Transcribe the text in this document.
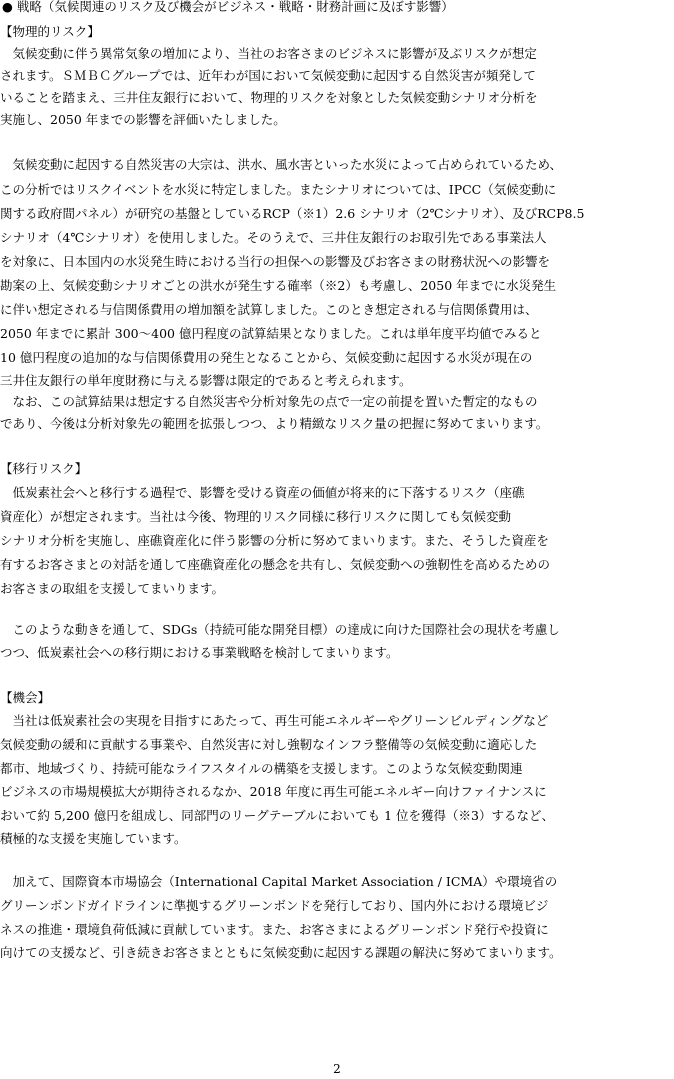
● 戦略（気候関連のリスク及び機会がビジネス・戦略・財務計画に及ぼす影響）
【物理的リスク】
　気候変動に伴う異常気象の増加により、当社のお客さまのビジネスに影響が及ぶリスクが想定
されます。ＳＭＢＣグループでは、近年わが国において気候変動に起因する自然災害が頻発して
いることを踏まえ、三井住友銀行において、物理的リスクを対象とした気候変動シナリオ分析を
実施し、2050 年までの影響を評価いたしました。
　気候変動に起因する自然災害の大宗は、洪水、風水害といった水災によって占められているため、
この分析ではリスクイベントを水災に特定しました。またシナリオについては、IPCC（気候変動に
関する政府間パネル）が研究の基盤としているRCP（※1）2.6 シナリオ（2℃シナリオ）、及びRCP8.5
シナリオ（4℃シナリオ）を使用しました。そのうえで、三井住友銀行のお取引先である事業法人
を対象に、日本国内の水災発生時における当行の担保への影響及びお客さまの財務状況への影響を
勘案の上、気候変動シナリオごとの洪水が発生する確率（※2）も考慮し、2050 年までに水災発生
に伴い想定される与信関係費用の増加額を試算しました。このとき想定される与信関係費用は、
2050 年までに累計 300～400 億円程度の試算結果となりました。これは単年度平均値でみると
10 億円程度の追加的な与信関係費用の発生となることから、気候変動に起因する水災が現在の
三井住友銀行の単年度財務に与える影響は限定的であると考えられます。
　なお、この試算結果は想定する自然災害や分析対象先の点で一定の前提を置いた暫定的なもの
であり、今後は分析対象先の範囲を拡張しつつ、より精緻なリスク量の把握に努めてまいります。
【移行リスク】
　低炭素社会へと移行する過程で、影響を受ける資産の価値が将来的に下落するリスク（座礁
資産化）が想定されます。当社は今後、物理的リスク同様に移行リスクに関しても気候変動
シナリオ分析を実施し、座礁資産化に伴う影響の分析に努めてまいります。また、そうした資産を
有するお客さまとの対話を通して座礁資産化の懸念を共有し、気候変動への強靭性を高めるための
お客さまの取組を支援してまいります。
　このような動きを通して、SDGs（持続可能な開発目標）の達成に向けた国際社会の現状を考慮し
つつ、低炭素社会への移行期における事業戦略を検討してまいります。
【機会】
　当社は低炭素社会の実現を目指すにあたって、再生可能エネルギーやグリーンビルディングなど
気候変動の緩和に貢献する事業や、自然災害に対し強靭なインフラ整備等の気候変動に適応した
都市、地域づくり、持続可能なライフスタイルの構築を支援します。このような気候変動関連
ビジネスの市場規模拡大が期待されるなか、2018 年度に再生可能エネルギー向けファイナンスに
おいて約 5,200 億円を組成し、同部門のリーグテーブルにおいても 1 位を獲得（※3）するなど、
積極的な支援を実施しています。
　加えて、国際資本市場協会（International Capital Market Association / ICMA）や環境省の
グリーンボンドガイドラインに準拠するグリーンボンドを発行しており、国内外における環境ビジ
ネスの推進・環境負荷低減に貢献しています。また、お客さまによるグリーンボンド発行や投資に
向けての支援など、引き続きお客さまとともに気候変動に起因する課題の解決に努めてまいります。
2
